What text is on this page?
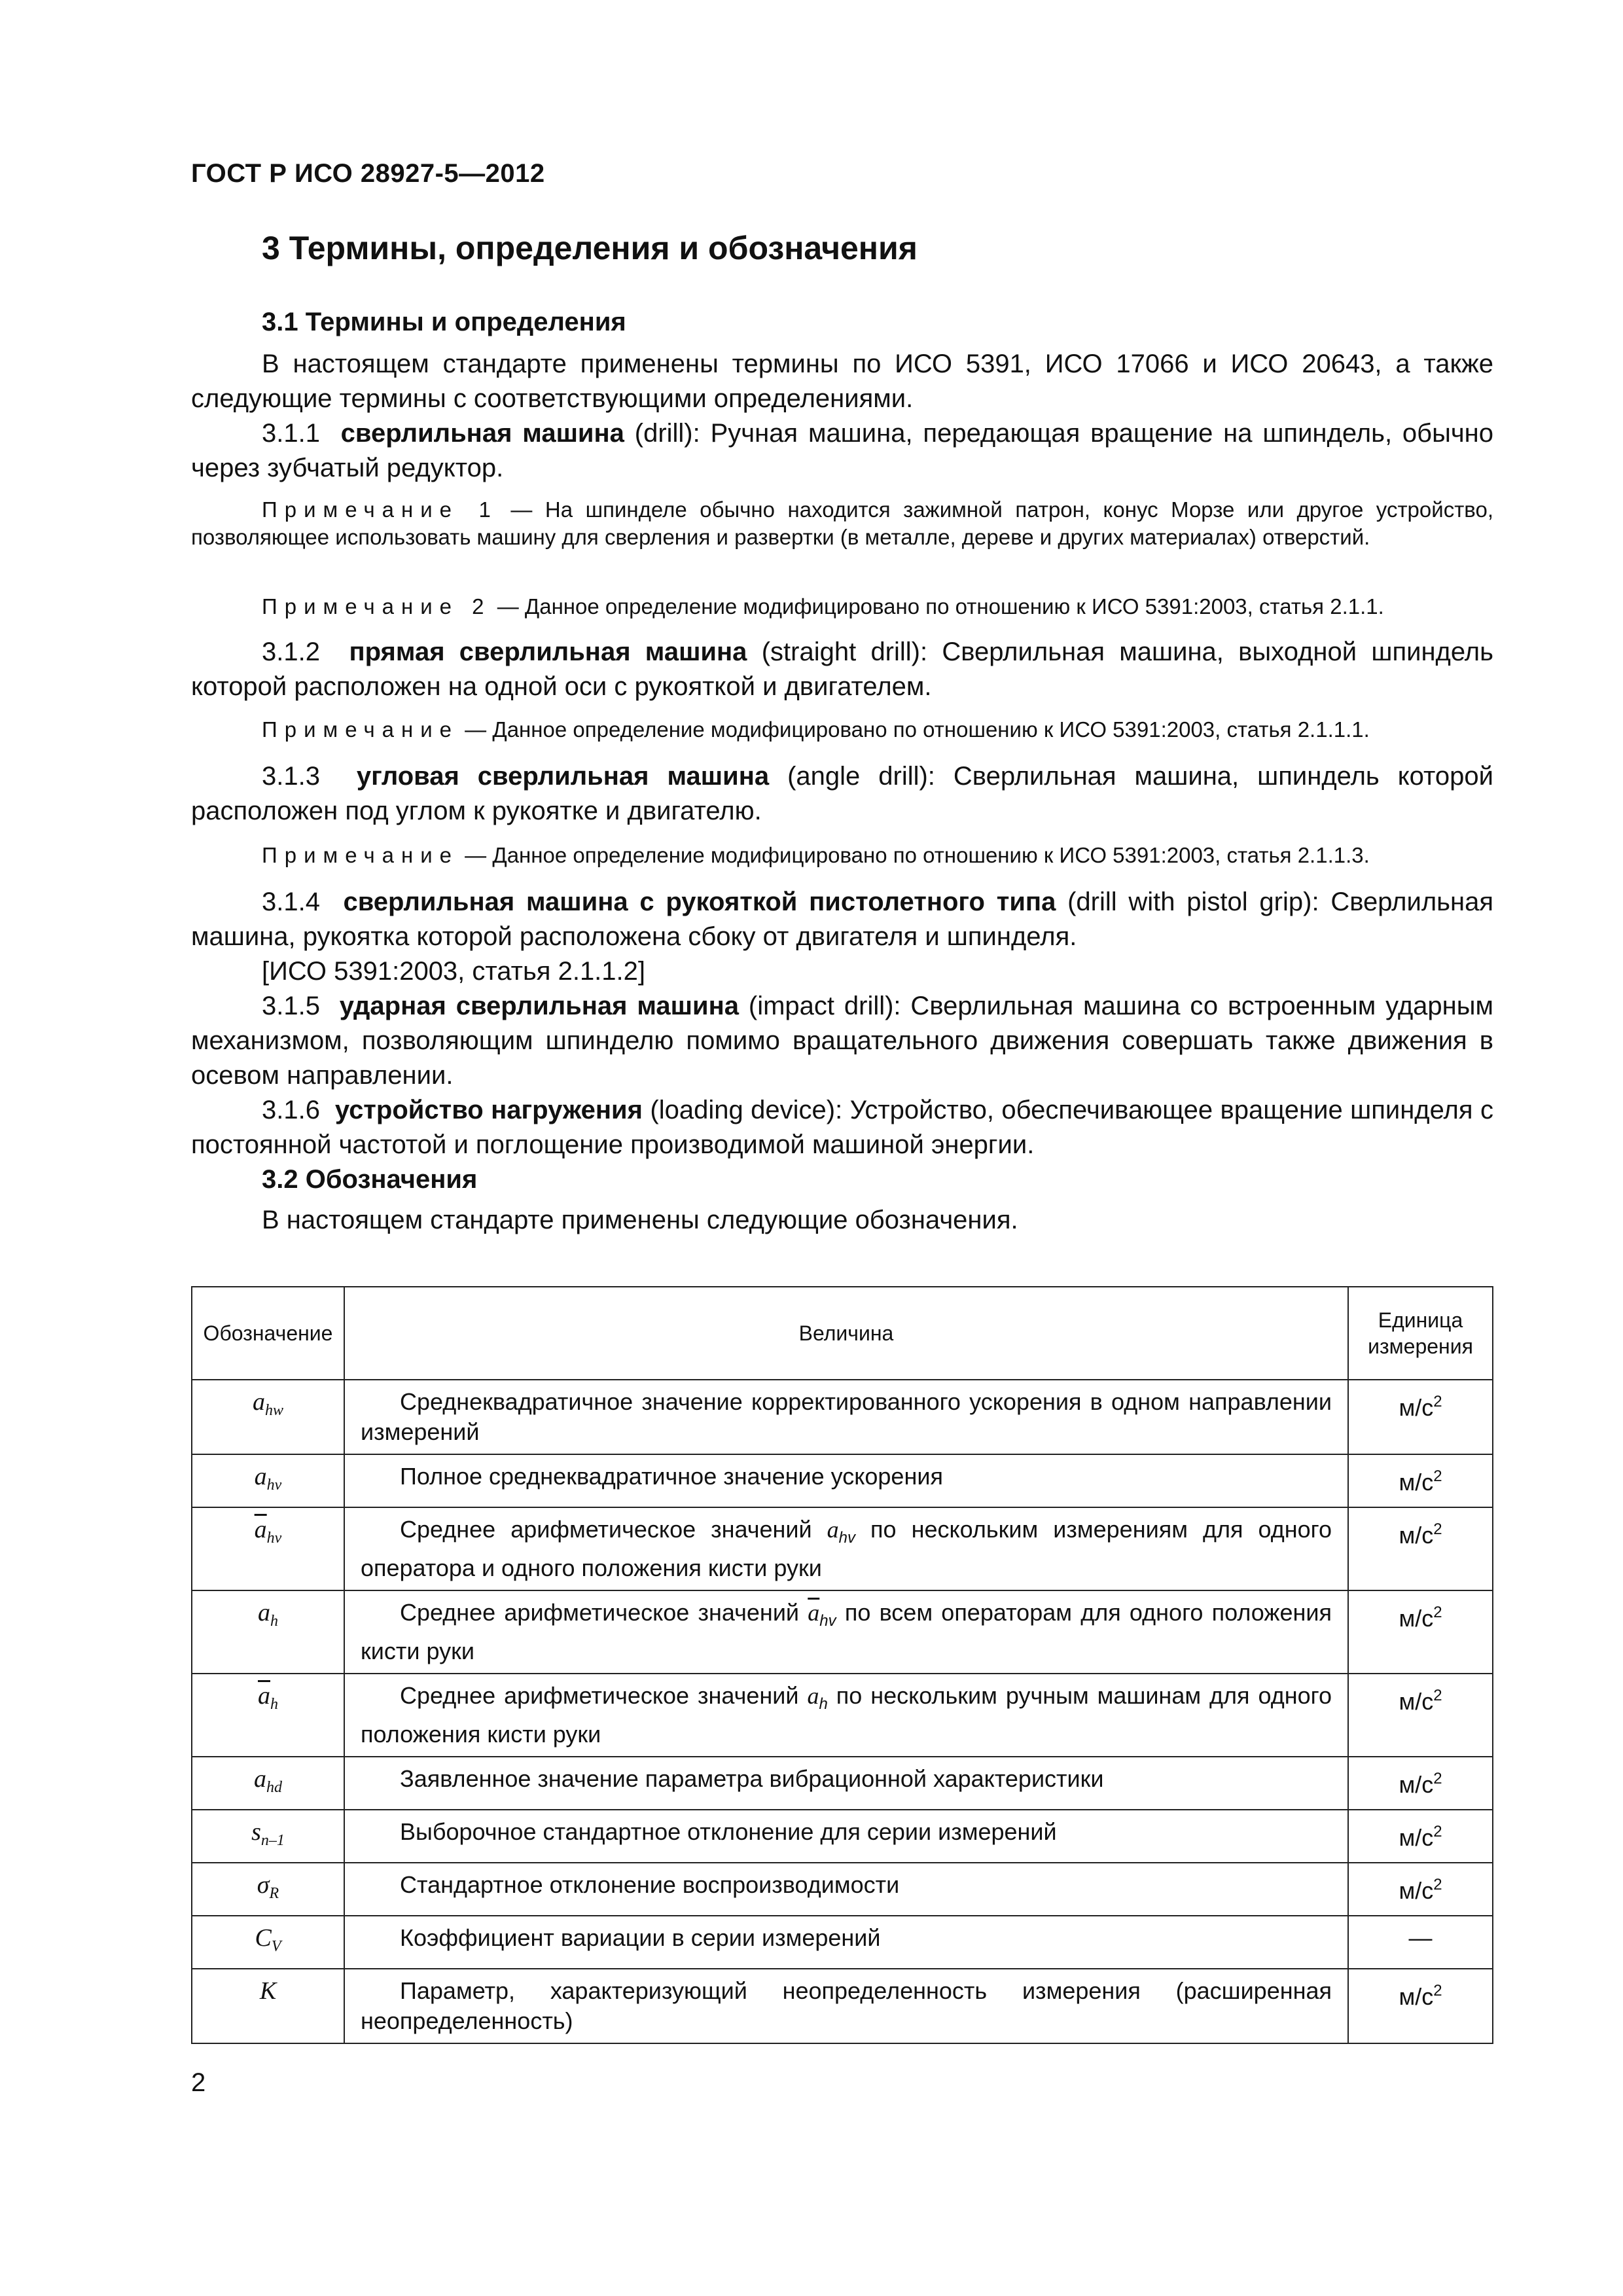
ГОСТ Р ИСО 28927-5—2012
3 Термины, определения и обозначения
3.1 Термины и определения
В настоящем стандарте применены термины по ИСО 5391, ИСО 17066 и ИСО 20643, а также следующие термины с соответствующими определениями.
3.1.1 сверлильная машина (drill): Ручная машина, передающая вращение на шпиндель, обычно через зубчатый редуктор.
Примечание 1 — На шпинделе обычно находится зажимной патрон, конус Морзе или другое устройство, позволяющее использовать машину для сверления и развертки (в металле, дереве и других материалах) отверстий.
Примечание 2 — Данное определение модифицировано по отношению к ИСО 5391:2003, статья 2.1.1.
3.1.2 прямая сверлильная машина (straight drill): Сверлильная машина, выходной шпиндель которой расположен на одной оси с рукояткой и двигателем.
Примечание — Данное определение модифицировано по отношению к ИСО 5391:2003, статья 2.1.1.1.
3.1.3 угловая сверлильная машина (angle drill): Сверлильная машина, шпиндель которой расположен под углом к рукоятке и двигателю.
Примечание — Данное определение модифицировано по отношению к ИСО 5391:2003, статья 2.1.1.3.
3.1.4 сверлильная машина с рукояткой пистолетного типа (drill with pistol grip): Сверлильная машина, рукоятка которой расположена сбоку от двигателя и шпинделя.
[ИСО 5391:2003, статья 2.1.1.2]
3.1.5 ударная сверлильная машина (impact drill): Сверлильная машина со встроенным ударным механизмом, позволяющим шпинделю помимо вращательного движения совершать также движения в осевом направлении.
3.1.6 устройство нагружения (loading device): Устройство, обеспечивающее вращение шпинделя с постоянной частотой и поглощение производимой машиной энергии.
3.2 Обозначения
В настоящем стандарте применены следующие обозначения.
Обозначение	Величина	Единица измерения
$a_{hw}$	Среднеквадратичное значение корректированного ускорения в одном направлении измерений	$м/с^2$
$a_{hv}$	Полное среднеквадратичное значение ускорения	$м/с^2$
$\overline{a}_{hv}$	Среднее арифметическое значений $a_{hv}$ по нескольким измерениям для одного оператора и одного положения кисти руки	$м/с^2$
$a_h$	Среднее арифметическое значений $\overline{a}_{hv}$ по всем операторам для одного положения кисти руки	$м/с^2$
$\overline{a}_h$	Среднее арифметическое значений $a_h$ по нескольким ручным машинам для одного положения кисти руки	$м/с^2$
$a_{hd}$	Заявленное значение параметра вибрационной характеристики	$м/с^2$
$s_{n-1}$	Выборочное стандартное отклонение для серии измерений	$м/с^2$
$\sigma_R$	Стандартное отклонение воспроизводимости	$м/с^2$
$C_V$	Коэффициент вариации в серии измерений	—
K	Параметр, характеризующий неопределенность измерения (расширенная неопределенность)	$м/с^2$
2
